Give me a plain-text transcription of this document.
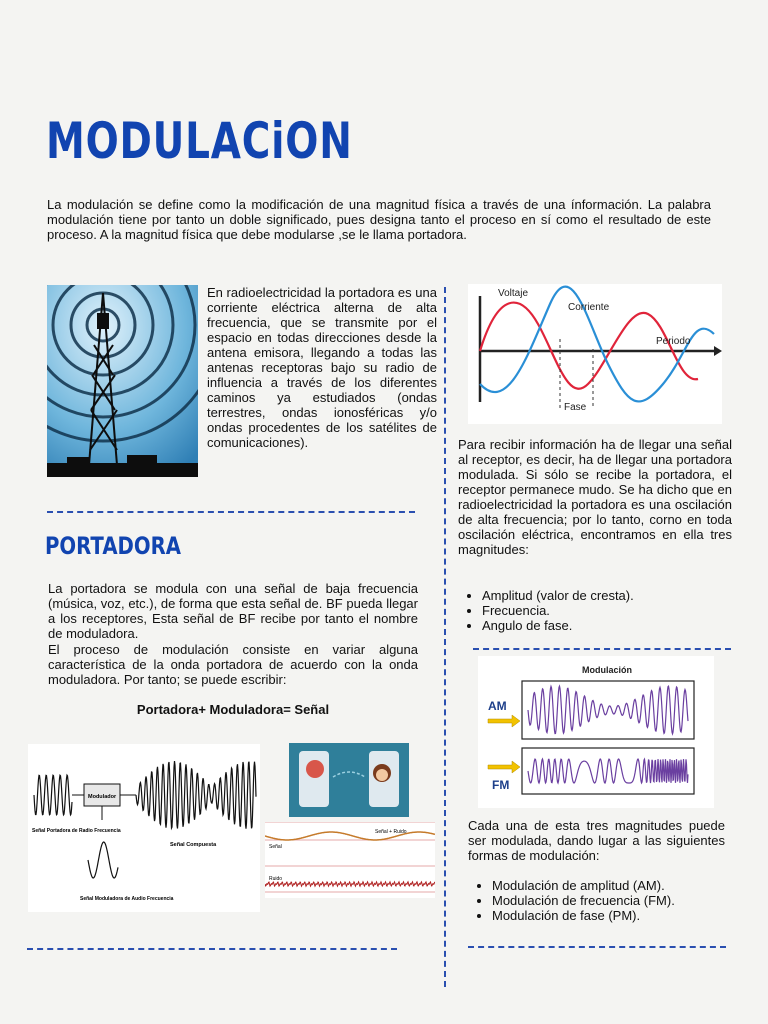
MODULACiON
La modulación se define como la modificación de una magnitud física a través de una ínformación. La palabra modulación tiene por tanto un doble significado, pues designa tanto el proceso en sí como el resultado de este proceso. A la magnitud física que debe modularse ,se le llama portadora.
En radioelectricidad la portadora es una corriente eléctrica alterna de alta frecuencia, que se transmite por el espacio en todas direcciones desde la antena emisora, llegando a todas las antenas receptoras bajo su radio de influencia a través de los diferentes caminos ya estudiados (ondas terrestres, ondas ionosféricas y/o ondas procedentes de los satélites de comunicaciones).
Voltaje
Corriente
Periodo
Fase
Para recibir información ha de llegar una señal al receptor, es decir, ha de llegar una portadora modulada. Si sólo se recibe la portadora, el receptor permanece mudo. Se ha dicho que en radioelectricidad la portadora es una oscilación de alta frecuencia; por lo tanto, corno en toda oscilación eléctrica, encontramos en ella tres magnitudes:
• Amplitud (valor de cresta).
• Frecuencia.
• Angulo de fase.
PORTADORA
La portadora se modula con una señal de baja frecuencia (música, voz, etc.), de forma que esta señal de. BF pueda llegar a los receptores, Esta señal de BF recibe por tanto el nombre de moduladora.
El proceso de modulación consiste en variar alguna característica de la onda portadora de acuerdo con la onda moduladora. Por tanto; se puede escribir:
Portadora+ Moduladora= Señal
Modulación
AM
FM
Cada una de esta tres magnitudes puede ser modulada, dando lugar a las siguientes formas de modulación:
• Modulación de amplitud (AM).
• Modulación de frecuencia (FM).
• Modulación de fase (PM).
Modulador
Señal Portadora de Radio Frecuencia
Señal Compuesta
Señal Moduladora de Audio Frecuencia
Señal + Ruido
Señal
Ruido
